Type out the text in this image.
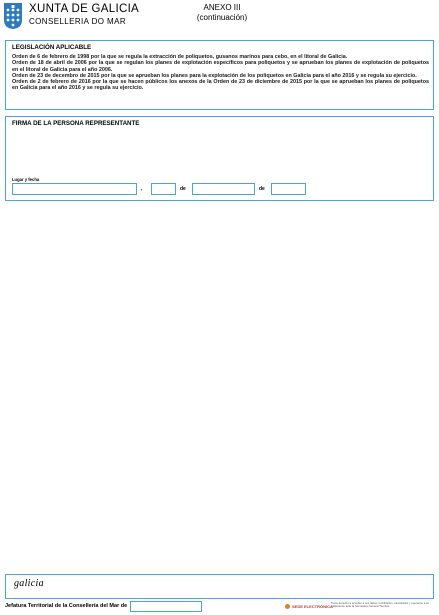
XUNTA DE GALICIA
CONSELLERIA DO MAR
ANEXO III
(continuación)
LEGISLACIÓN APLICABLE
Orden de 6 de febrero de 1998 por la que se regula la extracción de poliquetos, gusanos marinos para cebo, en el litoral de Galicia.
Orden de 18 de abril de 2006 por la que se regulan los planes de explotación específicos para poliquetos y se aprueban los planes de explotación de poliquetos en el litoral de Galicia para el año 2006.
Orden de 23 de decembro de 2015 por la que se aprueban los planes para la explotación de los poliquetos en Galicia para el año 2016 y se regula su ejercicio.
Orden de 2 de febrero de 2016 por la que se hacen públicos los anexos de la Orden de 23 de diciembre de 2015 por la que se aprueban los planes de poliquetos en Galicia para el año 2016 y se regula su ejercicio.
FIRMA DE LA PERSONA REPRESENTANTE
Lugar y fecha
,	de	de
galicia
Jefatura Territorial de la Consellería del Mar de	SEDE ELECTRÓNICA
Tiene derecho a acceder a sus datos, rectificarlos, cancelarlos y oponerse a su tratamiento ante la Secretaría General Técnica.
